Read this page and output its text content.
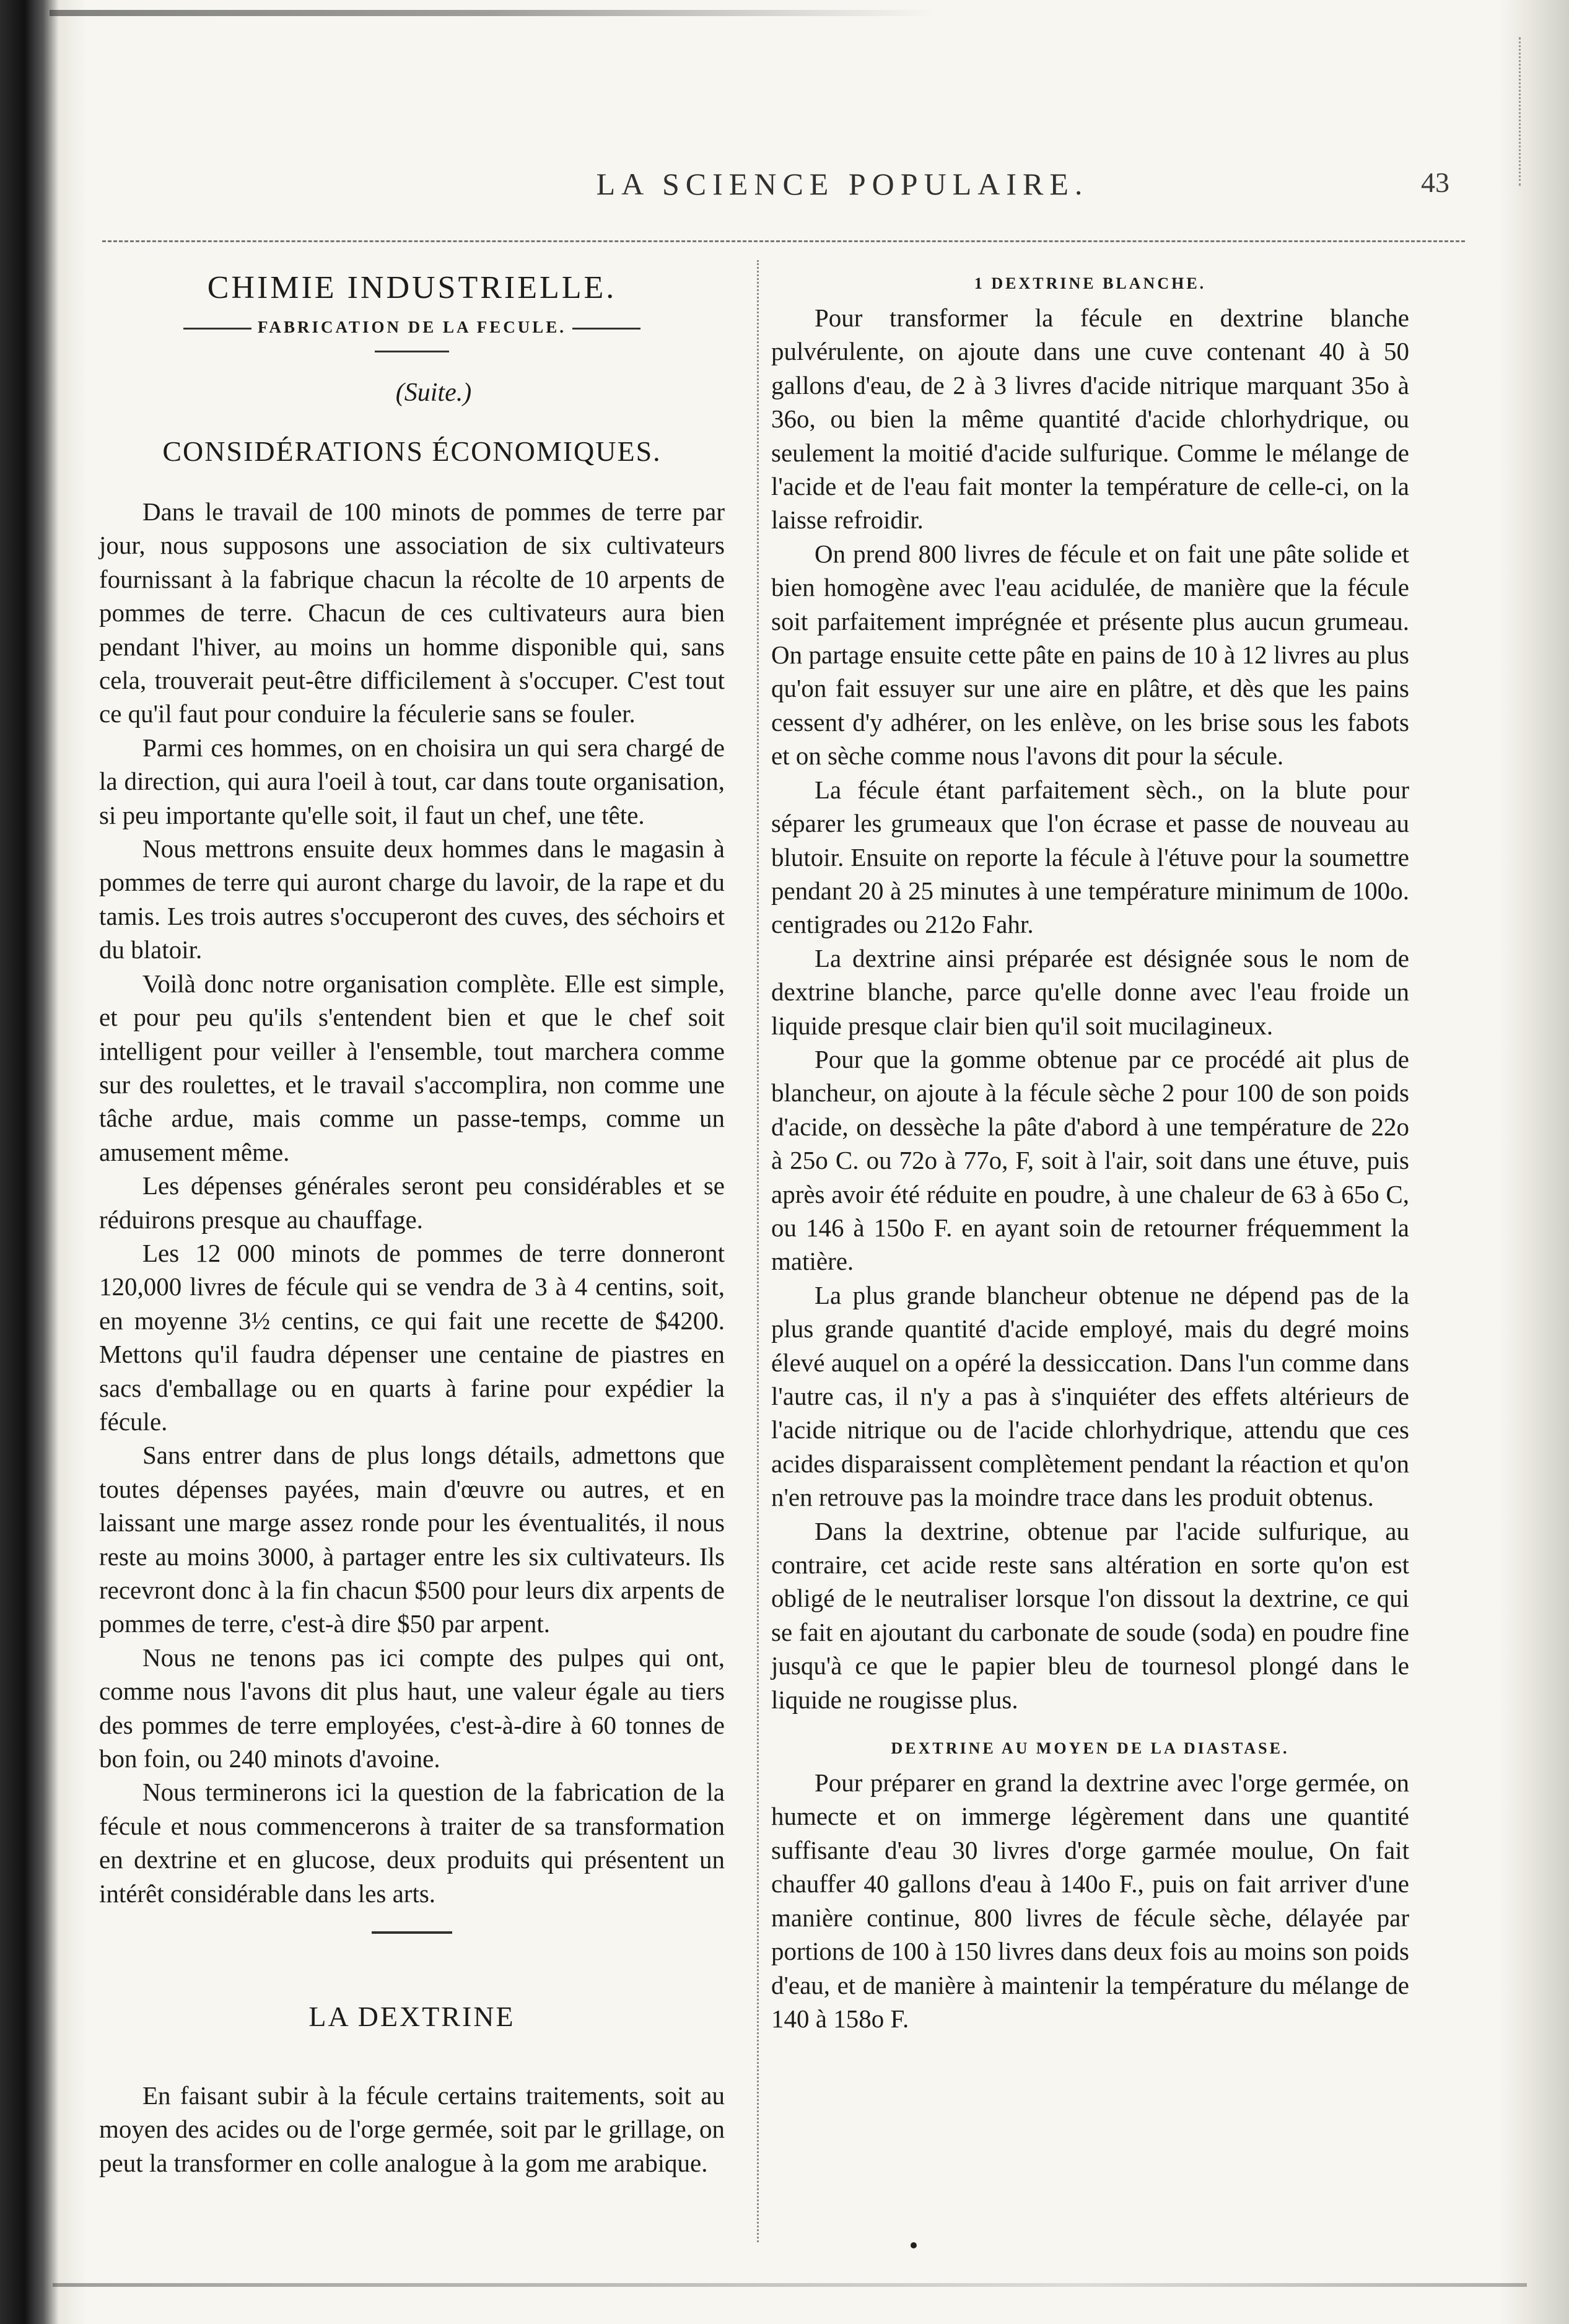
LA SCIENCE POPULAIRE.	43
CHIMIE INDUSTRIELLE.
FABRICATION DE LA FECULE.

(Suite.)

CONSIDÉRATIONS ÉCONOMIQUES.

Dans le travail de 100 minots de pommes de terre par jour, nous supposons une association de six cultivateurs fournissant à la fabrique chacun la récolte de 10 arpents de pommes de terre. Chacun de ces cultivateurs aura bien pendant l'hiver, au moins un homme disponible qui, sans cela, trouverait peut-être difficilement à s'occuper. C'est tout ce qu'il faut pour conduire la féculerie sans se fouler.

Parmi ces hommes, on en choisira un qui sera chargé de la direction, qui aura l'oeil à tout, car dans toute organisation, si peu importante qu'elle soit, il faut un chef, une tête.

Nous mettrons ensuite deux hommes dans le magasin à pommes de terre qui auront charge du lavoir, de la rape et du tamis. Les trois autres s'occuperont des cuves, des séchoirs et du blatoir.

Voilà donc notre organisation complète. Elle est simple, et pour peu qu'ils s'entendent bien et que le chef soit intelligent pour veiller à l'ensemble, tout marchera comme sur des roulettes, et le travail s'accomplira, non comme une tâche ardue, mais comme un passe-temps, comme un amusement même.

Les dépenses générales seront peu considérables et se réduirons presque au chauffage.

Les 12 000 minots de pommes de terre donneront 120,000 livres de fécule qui se vendra de 3 à 4 centins, soit, en moyenne 3½ centins, ce qui fait une recette de $4200. Mettons qu'il faudra dépenser une centaine de piastres en sacs d'emballage ou en quarts à farine pour expédier la fécule.

Sans entrer dans de plus longs détails, admettons que toutes dépenses payées, main d'œuvre ou autres, et en laissant une marge assez ronde pour les éventualités, il nous reste au moins 3000, à partager entre les six cultivateurs. Ils recevront donc à la fin chacun $500 pour leurs dix arpents de pommes de terre, c'est-à dire $50 par arpent.

Nous ne tenons pas ici compte des pulpes qui ont, comme nous l'avons dit plus haut, une valeur égale au tiers des pommes de terre employées, c'est-à-dire à 60 tonnes de bon foin, ou 240 minots d'avoine.

Nous terminerons ici la question de la fabrication de la fécule et nous commencerons à traiter de sa transformation en dextrine et en glucose, deux produits qui présentent un intérêt considérable dans les arts.

LA DEXTRINE

En faisant subir à la fécule certains traitements, soit au moyen des acides ou de l'orge germée, soit par le grillage, on peut la transformer en colle analogue à la gom me arabique.

1 DEXTRINE BLANCHE.

Pour transformer la fécule en dextrine blanche pulvérulente, on ajoute dans une cuve contenant 40 à 50 gallons d'eau, de 2 à 3 livres d'acide nitrique marquant 35o à 36o, ou bien la même quantité d'acide chlorhydrique, ou seulement la moitié d'acide sulfurique. Comme le mélange de l'acide et de l'eau fait monter la température de celle-ci, on la laisse refroidir.

On prend 800 livres de fécule et on fait une pâte solide et bien homogène avec l'eau acidulée, de manière que la fécule soit parfaitement imprégnée et présente plus aucun grumeau. On partage ensuite cette pâte en pains de 10 à 12 livres au plus qu'on fait essuyer sur une aire en plâtre, et dès que les pains cessent d'y adhérer, on les enlève, on les brise sous les fabots et on sèche comme nous l'avons dit pour la sécule.

La fécule étant parfaitement sèch., on la blute pour séparer les grumeaux que l'on écrase et passe de nouveau au blutoir. Ensuite on reporte la fécule à l'étuve pour la soumettre pendant 20 à 25 minutes à une température minimum de 100o. centigrades ou 212o Fahr.

La dextrine ainsi préparée est désignée sous le nom de dextrine blanche, parce qu'elle donne avec l'eau froide un liquide presque clair bien qu'il soit mucilagineux.

Pour que la gomme obtenue par ce procédé ait plus de blancheur, on ajoute à la fécule sèche 2 pour 100 de son poids d'acide, on dessèche la pâte d'abord à une température de 22o à 25o C. ou 72o à 77o, F, soit à l'air, soit dans une étuve, puis après avoir été réduite en poudre, à une chaleur de 63 à 65o C, ou 146 à 150o F. en ayant soin de retourner fréquemment la matière.

La plus grande blancheur obtenue ne dépend pas de la plus grande quantité d'acide employé, mais du degré moins élevé auquel on a opéré la dessiccation. Dans l'un comme dans l'autre cas, il n'y a pas à s'inquiéter des effets altérieurs de l'acide nitrique ou de l'acide chlorhydrique, attendu que ces acides disparaissent complètement pendant la réaction et qu'on n'en retrouve pas la moindre trace dans les produit obtenus.

Dans la dextrine, obtenue par l'acide sulfurique, au contraire, cet acide reste sans altération en sorte qu'on est obligé de le neutraliser lorsque l'on dissout la dextrine, ce qui se fait en ajoutant du carbonate de soude (soda) en poudre fine jusqu'à ce que le papier bleu de tournesol plongé dans le liquide ne rougisse plus.

DEXTRINE AU MOYEN DE LA DIASTASE.

Pour préparer en grand la dextrine avec l'orge germée, on humecte et on immerge légèrement dans une quantité suffisante d'eau 30 livres d'orge garmée moulue, On fait chauffer 40 gallons d'eau à 140o F., puis on fait arriver d'une manière continue, 800 livres de fécule sèche, délayée par portions de 100 à 150 livres dans deux fois au moins son poids d'eau, et de manière à maintenir la température du mélange de 140 à 158o F.
